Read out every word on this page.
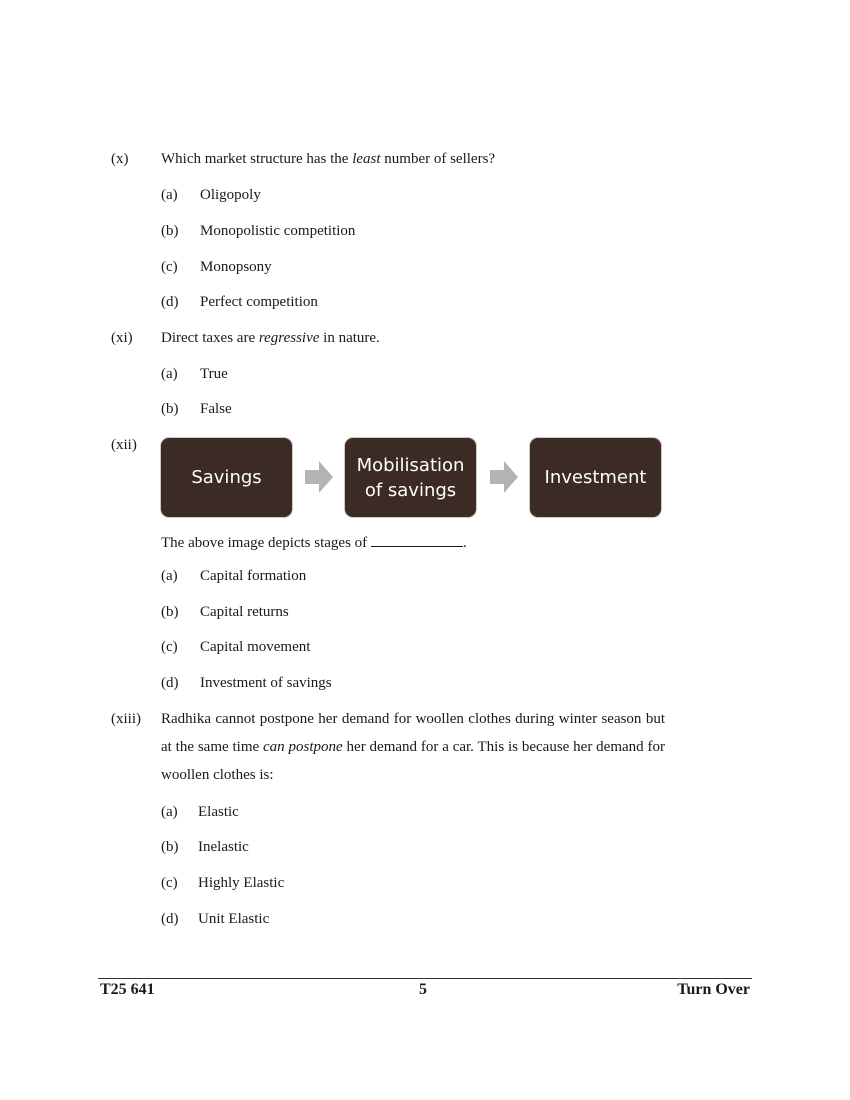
(x) Which market structure has the least number of sellers?
(a) Oligopoly
(b) Monopolistic competition
(c) Monopsony
(d) Perfect competition
(xi) Direct taxes are regressive in nature.
(a) True
(b) False
(xii)
Savings
Mobilisation
of savings
Investment
The above image depicts stages of	.
(a) Capital formation
(b) Capital returns
(c) Capital movement
(d) Investment of savings
(xiii) Radhika cannot postpone her demand for woollen clothes during winter season but at the same time can postpone her demand for a car. This is because her demand for woollen clothes is:
(a) Elastic
(b) Inelastic
(c) Highly Elastic
(d) Unit Elastic
T25 641	5	Turn Over
